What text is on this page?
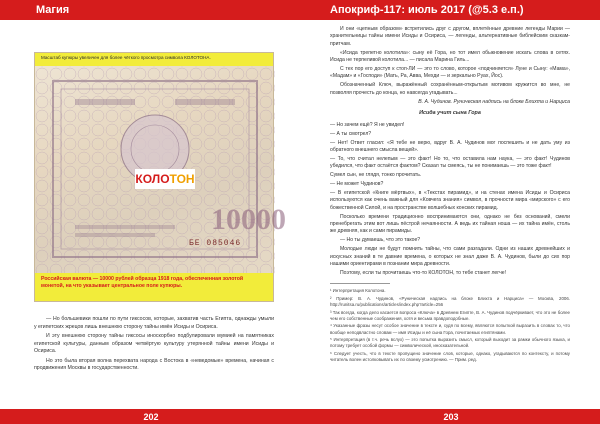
Магия	Апокриф-117: июль 2017 (@5.3 е.п.)
Масштаб купюры увеличен для более чёткого просмотра символа КОЛОТОНА.
10000
КОЛО ТОН
БЕ 085046
Российская валюта — 10000 рублей образца 1918 года, обеспеченная золотой монетой, на что указывает центральное поле купюры.

— Но большевики пошли по пути гиксосов, которые, захватив часть Египта, однажды умыли у египетских жрецов лишь внешнюю сторону тайны имён Исиды и Осириса.

И эту внешнюю сторону тайны гиксосы иноскорбно подбулировали мумией на памятниках египетской культуры, данным образом четвёртую культуру утерянной тайны имени Исиды и Осириса.

Но это была вторая волна перехвата народа с Востока в «неведомые» времена, начиная с продвижения Москвы в государственности.

И они «цепным образом» встретились друг с другом, вплетённые древние легенды Марии — хранительницы тайны имени Исиды и Осириса, — легенды, альтернативные библейским сказкам-притчам.

«Исида трепетно колотила»: сыну её Гора, но тот имел обыкновение искать слова в сетях. Исида не терпеливой колотила... — писала Марина Гиль...

С тех пор его доступ к стоп-ЛИ — это то слово, которое «подчиняется» Луне и Сыну: «Мама», «Мадам» и «Господи» (Мать, Ра, Авва, Мехди — и зеркально Руах, Йос).

Обозначенный Ключ, выражённый сохранённым-открытым мотивом кружится во мне, не позволяя прочесть до конца, но навсегда угадывать...

В. А. Чудинов. Руническая надпись на блоке Блихта и Нарциса
Исида учит сына Гора

— Но зачем ещё? Я не увидел!

— А ты смотрел?

— Нет! Ответ гласил: «Я тебе не верю, вдруг В. А. Чудинов мог поспешить и не дать уму из обратного внешнего смысла вещей».

— То, что считал нелепым — это факт! Но то, что оставила нам наука, — это факт! Чудинов убедился, что факт остаётся фактом? Сказал ты смеясь, ты не понимаешь — это тоже факт!

Сумел сын, не глядя, тонко прочитать.

— Не может Чудинов?

— В египетской «Книге мёртвых», в «Текстах пирамид», и на стенах имена Исиды и Осириса используются как очень важный для «Ковчега знания» символ, в прочности мира «мирского» с его божественной Силой, и на пространстве волшебных конских пирамид.

Посколько времени традиционно воспринимаются они, однако не без оснований, смели пренебрегать этим вот лишь пёстрой нечаянности. А ведь их тайная ноша — их тайна имён, столь же древняя, как и сами пирамиды.

— Но ты думаешь, что это такое?

Молодые люди не будут помнить тайны, что сами разгадали. Одни из наших древнейших и искусных знаний в те давние времена, о которых не знал даже В. А. Чудинов, были до сих пор нашими ориентирами в познании мира древности.

Поэтому, если ты прочитаешь что-то КОЛОТОН, то тебе станет легче!

¹ Интерпретация Колотона.

² Пример: В. А. Чудинов, «Руническая надпись на блоке Блихта и Нарциса» — Москва, 2006. http://runitsa.ru/publications/articles/index.php?article=256

³ Так всегда, когда дело касается вопроса «Ключа» в Древнем Египте, В. А. Чудинов подчёркивает, что это не более чем его собственные соображения, хотя и весьма правдоподобные.

⁴ Указанные фразы несут особое значение в тексте и, судя по всему, являются попыткой выразить в словах то, что вообще неподвластно словам — имя Исиды и её сына Гора, почитаемых египтянами.

⁵ Интерпретация (в т.ч. речь вслух) — это попытка выразить смысл, который выходит за рамки обычного языка, и потому требует особой формы — символической, иносказательной.

⁶ Следует учесть, что в тексте пропущено значение слов, которые, однако, угадываются по контексту, и потому читатель волен истолковывать их по своему усмотрению. — Прим. ред.

202	203
